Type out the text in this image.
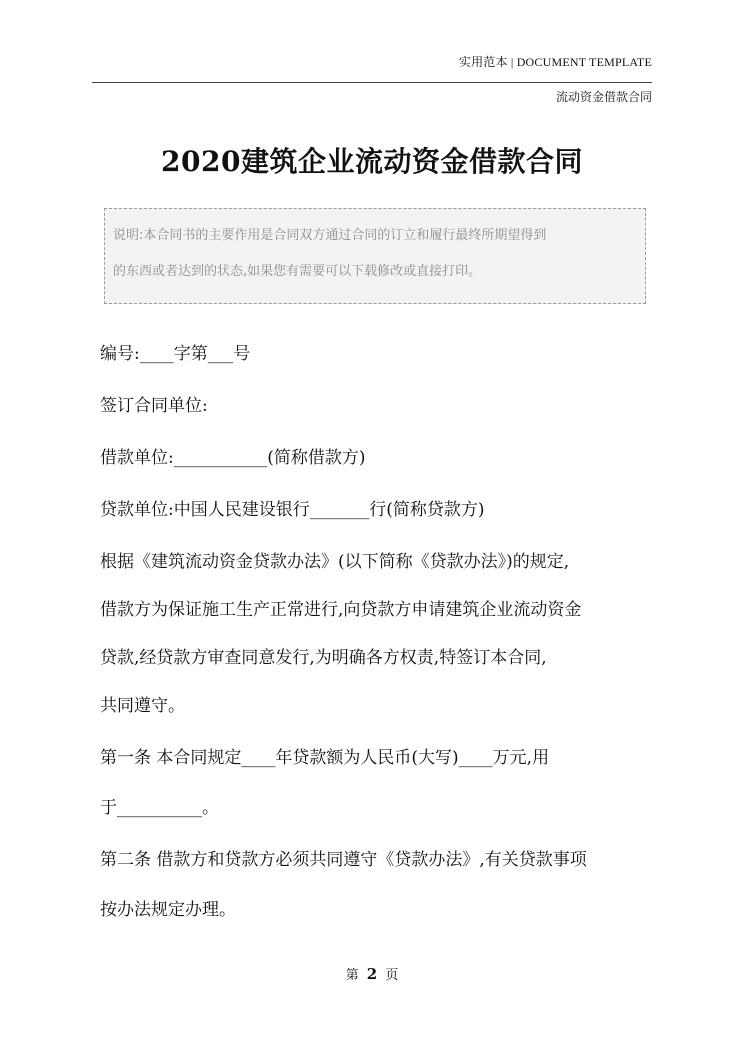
实用范本 | DOCUMENT TEMPLATE
流动资金借款合同
2020建筑企业流动资金借款合同

说明:本合同书的主要作用是合同双方通过合同的订立和履行最终所期望得到

的东西或者达到的状态,如果您有需要可以下载修改或直接打印。

编号:____字第___号

签订合同单位:

借款单位:___________(简称借款方)

贷款单位:中国人民建设银行_______行(简称贷款方)

根据《建筑流动资金贷款办法》(以下简称《贷款办法》)的规定,

借款方为保证施工生产正常进行,向贷款方申请建筑企业流动资金

贷款,经贷款方审查同意发行,为明确各方权责,特签订本合同,

共同遵守。

第一条 本合同规定____年贷款额为人民币(大写)____万元,用

于__________。

第二条 借款方和贷款方必须共同遵守《贷款办法》,有关贷款事项

按办法规定办理。

第 2 页
